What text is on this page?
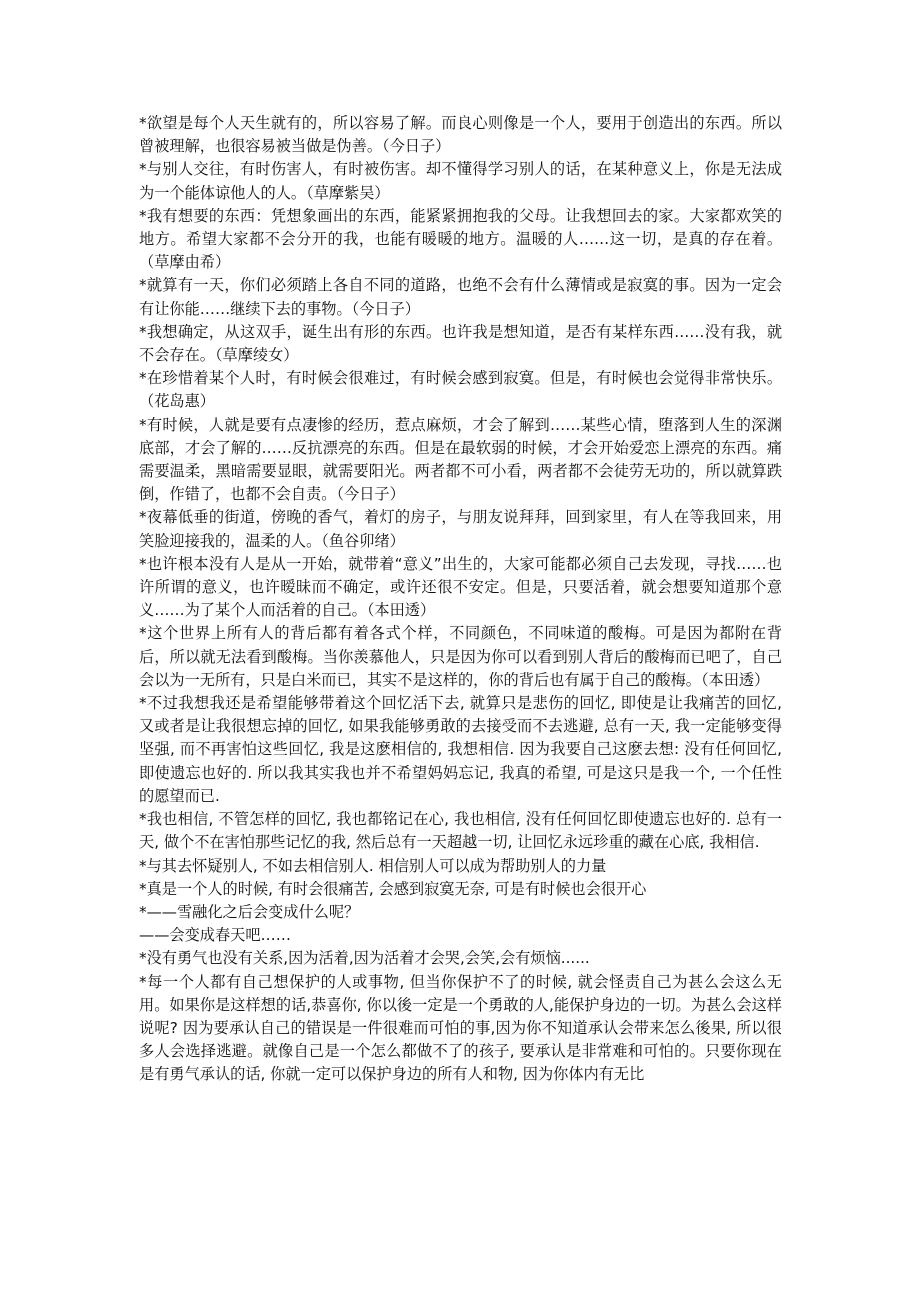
*欲望是每个人天生就有的，所以容易了解。而良心则像是一个人，要用于创造出的东西。所以曾被理解，也很容易被当做是伪善。（今日子）

*与别人交往，有时伤害人，有时被伤害。却不懂得学习别人的话，在某种意义上，你是无法成为一个能体谅他人的人。（草摩紫吴）

*我有想要的东西：凭想象画出的东西，能紧紧拥抱我的父母。让我想回去的家。大家都欢笑的地方。希望大家都不会分开的我，也能有暖暖的地方。温暖的人……这一切，是真的存在着。（草摩由希）

*就算有一天，你们必须踏上各自不同的道路，也绝不会有什么薄情或是寂寞的事。因为一定会有让你能……继续下去的事物。（今日子）

*我想确定，从这双手，诞生出有形的东西。也许我是想知道，是否有某样东西……没有我，就不会存在。（草摩绫女）

*在珍惜着某个人时，有时候会很难过，有时候会感到寂寞。但是，有时候也会觉得非常快乐。（花岛惠）

*有时候，人就是要有点凄惨的经历，惹点麻烦，才会了解到……某些心情，堕落到人生的深渊底部，才会了解的……反抗漂亮的东西。但是在最软弱的时候，才会开始爱恋上漂亮的东西。痛需要温柔，黑暗需要显眼，就需要阳光。两者都不可小看，两者都不会徒劳无功的，所以就算跌倒，作错了，也都不会自责。（今日子）

*夜幕低垂的街道，傍晚的香气，着灯的房子，与朋友说拜拜，回到家里，有人在等我回来，用笑脸迎接我的，温柔的人。（鱼谷卯绪）

*也许根本没有人是从一开始，就带着“意义”出生的，大家可能都必须自己去发现，寻找……也许所谓的意义，也许暧昧而不确定，或许还很不安定。但是，只要活着，就会想要知道那个意义……为了某个人而活着的自己。（本田透）

*这个世界上所有人的背后都有着各式个样，不同颜色，不同味道的酸梅。可是因为都附在背后，所以就无法看到酸梅。当你羡慕他人，只是因为你可以看到别人背后的酸梅而已吧了，自己会以为一无所有，只是白米而已，其实不是这样的，你的背后也有属于自己的酸梅。（本田透）

*不过我想我还是希望能够带着这个回忆活下去, 就算只是悲伤的回忆, 即使是让我痛苦的回忆, 又或者是让我很想忘掉的回忆, 如果我能够勇敢的去接受而不去逃避, 总有一天, 我一定能够变得坚强, 而不再害怕这些回忆, 我是这麽相信的, 我想相信. 因为我要自己这麽去想: 没有任何回忆, 即使遗忘也好的. 所以我其实我也并不希望妈妈忘记, 我真的希望, 可是这只是我一个, 一个任性的愿望而已.

*我也相信, 不管怎样的回忆, 我也都铭记在心, 我也相信, 没有任何回忆即使遗忘也好的. 总有一天, 做个不在害怕那些记忆的我, 然后总有一天超越一切, 让回忆永远珍重的藏在心底, 我相信.

*与其去怀疑别人, 不如去相信别人. 相信别人可以成为帮助别人的力量

*真是一个人的时候, 有时会很痛苦, 会感到寂寞无奈, 可是有时候也会很开心

*——雪融化之后会变成什么呢？

——会变成春天吧……

*没有勇气也没有关系,因为活着,因为活着才会哭,会笑,会有烦恼......

*每一个人都有自己想保护的人或事物, 但当你保护不了的时候, 就会怪责自己为甚么会这么无用。如果你是这样想的话,恭喜你, 你以後一定是一个勇敢的人,能保护身边的一切。为甚么会这样说呢? 因为要承认自己的错误是一件很难而可怕的事,因为你不知道承认会带来怎么後果, 所以很多人会选择逃避。就像自己是一个怎么都做不了的孩子, 要承认是非常难和可怕的。只要你现在是有勇气承认的话, 你就一定可以保护身边的所有人和物, 因为你体内有无比
